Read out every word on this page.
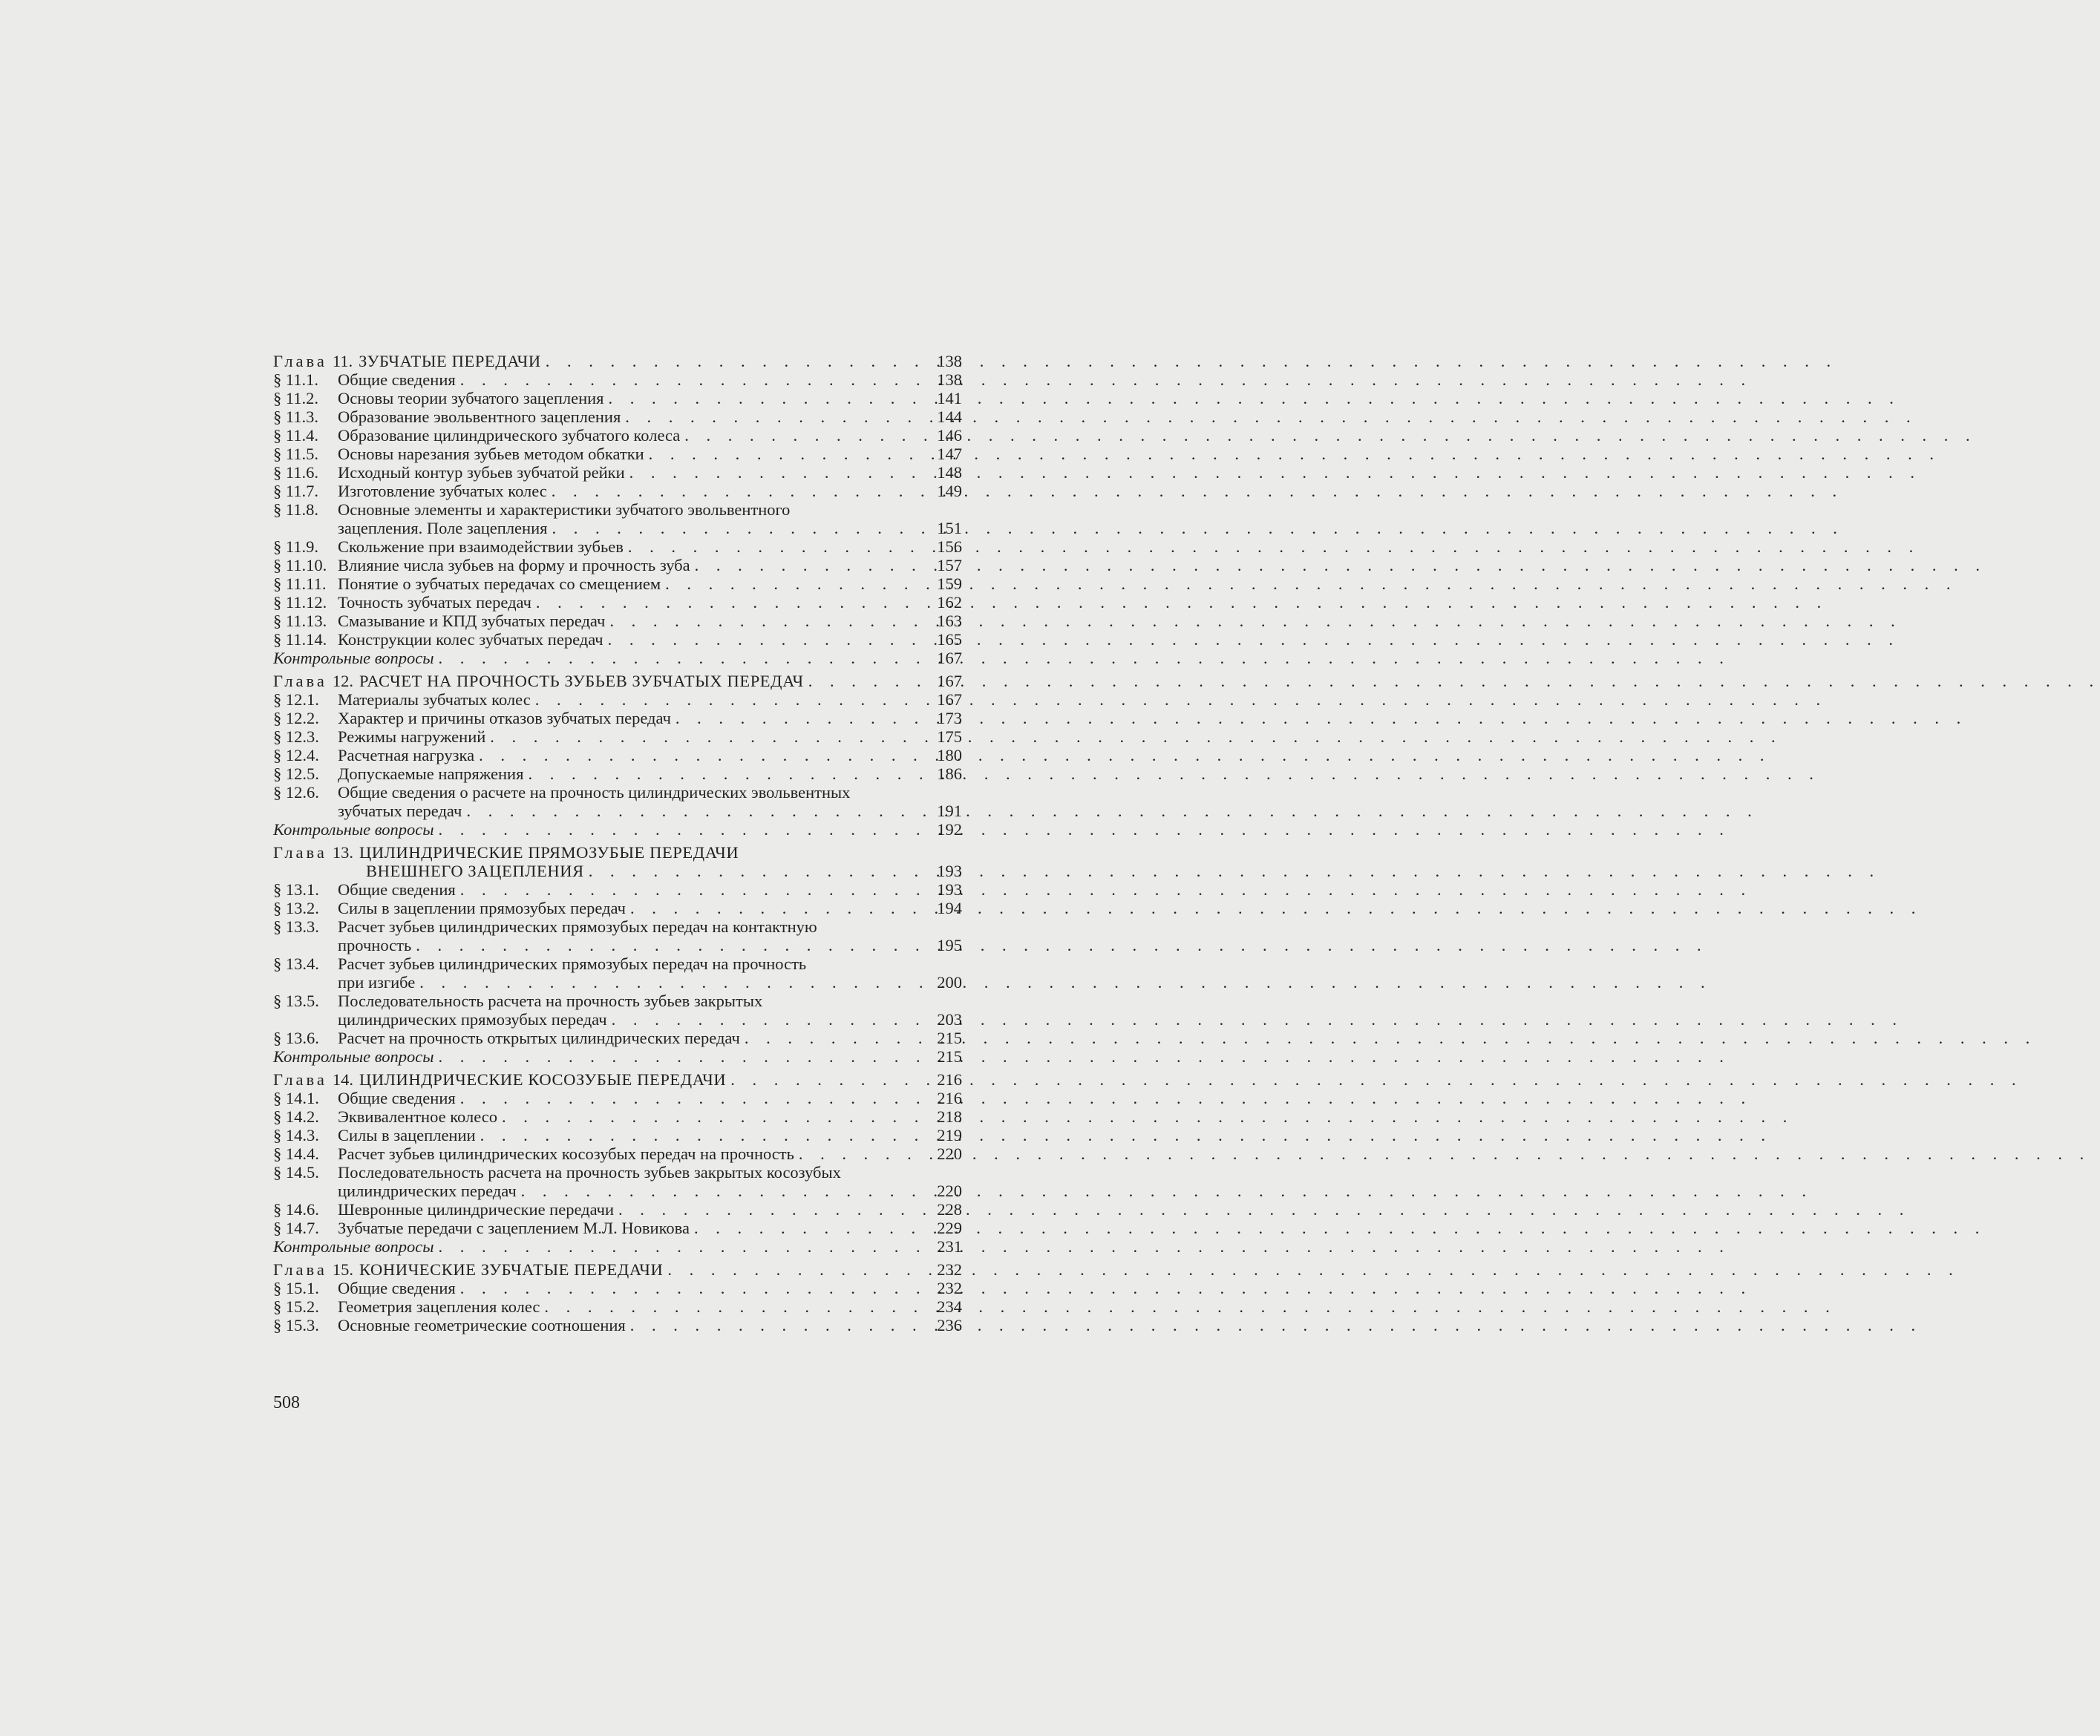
Глава 11. ЗУБЧАТЫЕ ПЕРЕДАЧИ . . .	138
§ 11.1.	Общие сведения . . .	138
§ 11.2.	Основы теории зубчатого зацепления . . .	141
§ 11.3.	Образование эвольвентного зацепления . . .	144
§ 11.4.	Образование цилиндрического зубчатого колеса . . .	146
§ 11.5.	Основы нарезания зубьев методом обкатки . . .	147
§ 11.6.	Исходный контур зубьев зубчатой рейки . . .	148
§ 11.7.	Изготовление зубчатых колес . . .	149
§ 11.8.	Основные элементы и характеристики зубчатого эвольвентного
зацепления. Поле зацепления . . .	151
§ 11.9.	Скольжение при взаимодействии зубьев . . .	156
§ 11.10. Влияние числа зубьев на форму и прочность зуба . . .	157
§ 11.11. Понятие о зубчатых передачах со смещением . . .	159
§ 11.12. Точность зубчатых передач . . .	162
§ 11.13. Смазывание и КПД зубчатых передач . . .	163
§ 11.14. Конструкции колес зубчатых передач . . .	165
Контрольные вопросы . . .	167
Глава 12. РАСЧЕТ НА ПРОЧНОСТЬ ЗУБЬЕВ ЗУБЧАТЫХ ПЕРЕДАЧ . . .	167
§ 12.1.	Материалы зубчатых колес . . .	167
§ 12.2.	Характер и причины отказов зубчатых передач . . .	173
§ 12.3.	Режимы нагружений . . .	175
§ 12.4.	Расчетная нагрузка . . .	180
§ 12.5.	Допускаемые напряжения . . .	186
§ 12.6.	Общие сведения о расчете на прочность цилиндрических эвольвентных
зубчатых передач . . .	191
Контрольные вопросы . . .	192
Глава 13. ЦИЛИНДРИЧЕСКИЕ ПРЯМОЗУБЫЕ ПЕРЕДАЧИ
ВНЕШНЕГО ЗАЦЕПЛЕНИЯ . . .	193
§ 13.1.	Общие сведения . . .	193
§ 13.2.	Силы в зацеплении прямозубых передач . . .	194
§ 13.3.	Расчет зубьев цилиндрических прямозубых передач на контактную
прочность . . .	195
§ 13.4.	Расчет зубьев цилиндрических прямозубых передач на прочность
при изгибе . . .	200
§ 13.5.	Последовательность расчета на прочность зубьев закрытых
цилиндрических прямозубых передач . . .	203
§ 13.6.	Расчет на прочность открытых цилиндрических передач . . .	215
Контрольные вопросы . . .	215
Глава 14. ЦИЛИНДРИЧЕСКИЕ КОСОЗУБЫЕ ПЕРЕДАЧИ . . .	216
§ 14.1.	Общие сведения . . .	216
§ 14.2.	Эквивалентное колесо . . .	218
§ 14.3.	Силы в зацеплении . . .	219
§ 14.4.	Расчет зубьев цилиндрических косозубых передач на прочность . . .	220
§ 14.5.	Последовательность расчета на прочность зубьев закрытых косозубых
цилиндрических передач . . .	220
§ 14.6.	Шевронные цилиндрические передачи . . .	228
§ 14.7.	Зубчатые передачи с зацеплением М.Л. Новикова . . .	229
Контрольные вопросы . . .	231
Глава 15. КОНИЧЕСКИЕ ЗУБЧАТЫЕ ПЕРЕДАЧИ . . .	232
§ 15.1.	Общие сведения . . .	232
§ 15.2.	Геометрия зацепления колес . . .	234
§ 15.3.	Основные геометрические соотношения . . .	236
508
